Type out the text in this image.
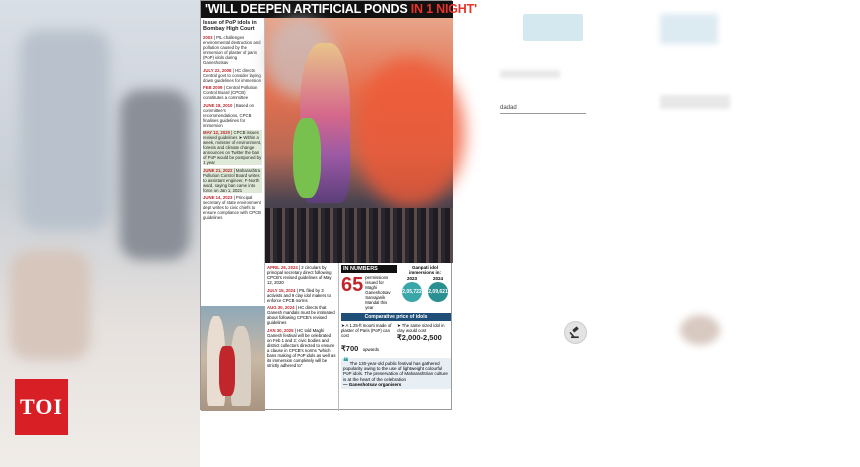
dadad
'WILL DEEPEN ARTIFICIAL PONDS IN 1 NIGHT'
Issue of PoP idols in Bombay High Court
2003 | PIL challenges environmental destruction and pollution caused by the immersion of plaster of paris (PoP) idols during Ganeshotsav
JULY 22, 2008 | HC directs Central govt to consider laying down guidelines for immersion
FEB 2009 | Central Pollution Control Board (CPCB) constitutes a committee
JUNE 18, 2010 | Based on committee's recommendations, CPCB finalises guidelines for immersion
MAY 12, 2020 | CPCB issues revised guidelines ➤ Within a week, minister of environment, forests and climate change announces on Twitter the ban of PoP would be postponed by 1 year
JUNE 21, 2022 | Maharashtra Pollution Control Board writes to assistant engineer, F-North ward, saying ban came into force on Jan 1, 2021
JUNE 14, 2023 | Principal secretary of state environment dept writes to civic chiefs to ensure compliance with CPCB guidelines
APRIL 26, 2024 | 2 circulars by principal secretary direct following CPCB's revised guidelines of May 12, 2020
JULY 15, 2024 | PIL filed by 3 activists and 9 clay idol makers to enforce CPCB norms
AUG 30, 2024 | HC directs that Ganesh mandals must be intimated about following CPCB's revised guidelines
JAN 30, 2025 | HC told Maghi Ganesh festival will be celebrated on Feb 1 and 2; civic bodies and district collectors directed to ensure a clause in CPCB's norms "which bans making of PoP idols as well as its immersion completely will be strictly adhered to"
IN NUMBERS
65 permissions issued for Maghi Ganeshotsav Sarvajanik Mandal this year
Ganpati idol immersions in:
2023	2024
2,05,722 2,09,621
Comparative price of idols
➤ A 1.25-ft moorti made of plaster of Paris (PoP) can cost
₹700 upwards
➤ The same sized idol in clay would cost
₹2,000-2,500
❝ The 130-year-old public festival has gathered popularity owing to the use of lightweight colourful PoP idols. The preservation of Maharashtrian culture is at the heart of the celebration
— Ganeshotsav organisers
TOI
